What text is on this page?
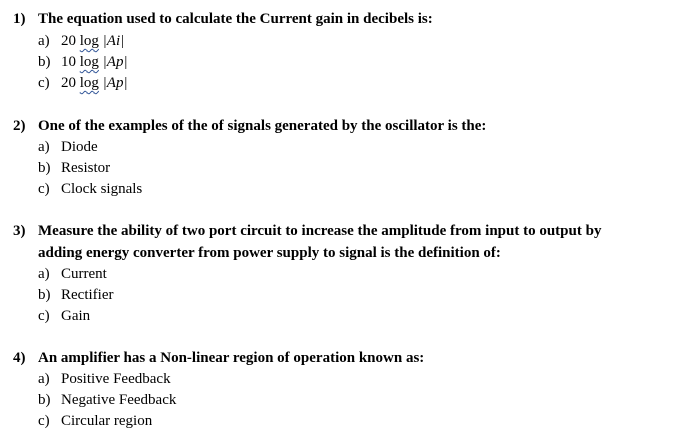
1) The equation used to calculate the Current gain in decibels is:
a) 20 log |Ai|
b) 10 log |Ap|
c) 20 log |Ap|
2) One of the examples of the of signals generated by the oscillator is the:
a) Diode
b) Resistor
c) Clock signals
3) Measure the ability of two port circuit to increase the amplitude from input to output by
adding energy converter from power supply to signal is the definition of:
a) Current
b) Rectifier
c) Gain
4) An amplifier has a Non-linear region of operation known as:
a) Positive Feedback
b) Negative Feedback
c) Circular region
